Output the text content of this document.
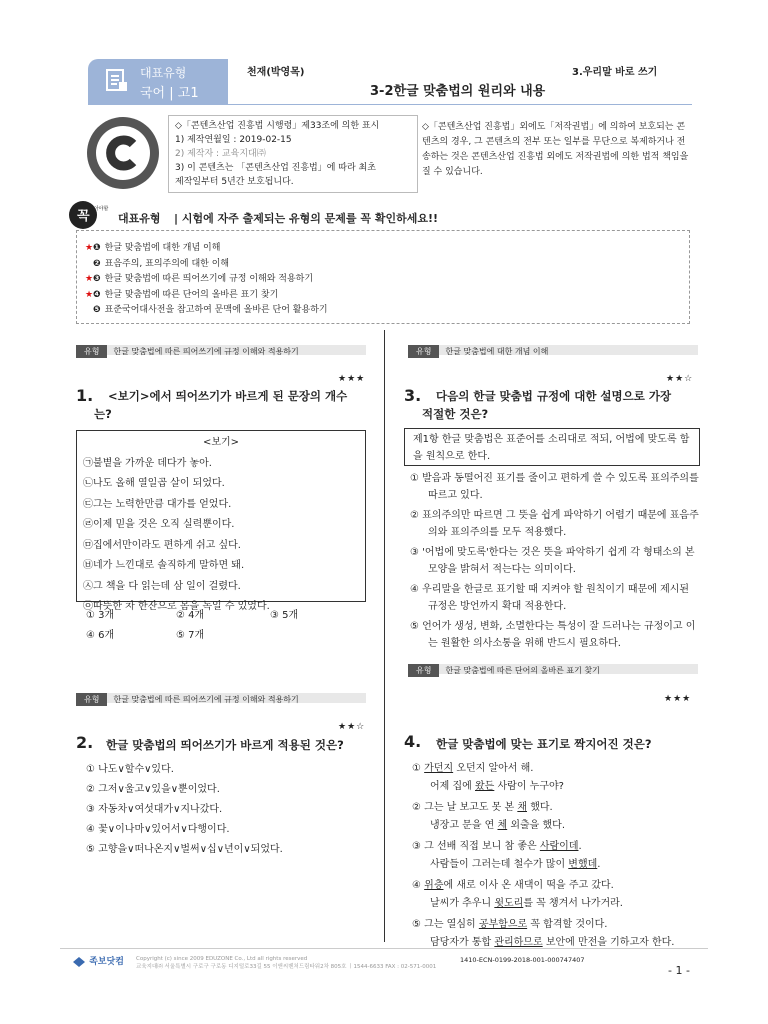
대표유형
국어 | 고1
천재(박영목)	3.우리말 바로 쓰기
3-2한글 맞춤법의 원리와 내용
◇「콘텐츠산업 진흥법 시행령」제33조에 의한 표시
1) 제작연월일 : 2019-02-15
2) 제작자 : 교육지대㈜
3) 이 콘텐츠는 「콘텐츠산업 진흥법」에 따라 최초
제작일부터 5년간 보호됩니다.
◇「콘텐츠산업 진흥법」외에도「저작권법」에 의하여 보호되는 콘텐츠의 경우, 그 콘텐츠의 전부 또는 일부를 무단으로 복제하거나 전송하는 것은 콘텐츠산업 진흥법 외에도 저작권법에 의한 법적 책임을 질 수 있습니다.
꼭 알아야할
대표유형 | 시험에 자주 출제되는 유형의 문제를 꼭 확인하세요!!
★❶ 한글 맞춤법에 대한 개념 이해
❷ 표음주의, 표의주의에 대한 이해
★❸ 한글 맞춤법에 따른 띄어쓰기에 규정 이해와 적용하기
★❹ 한글 맞춤법에 따른 단어의 올바른 표기 찾기
❺ 표준국어대사전을 참고하여 문맥에 올바른 단어 활용하기
유형 한글 맞춤법에 따른 띄어쓰기에 규정 이해와 적용하기
★★★
1. <보기>에서 띄어쓰기가 바르게 된 문장의 개수
는?
<보기>
㉠불볕을 가까운 데다가 놓아.
㉡나도 올해 열일곱 살이 되었다.
㉢그는 노력한만큼 대가를 얻었다.
㉣이제 믿을 것은 오직 실력뿐이다.
㉤집에서만이라도 편하게 쉬고 싶다.
㉥네가 느낀대로 솔직하게 말하면 돼.
㉦그 책을 다 읽는데 삼 일이 걸렸다.
㉧따뜻한 차 한잔으로 몸을 녹일 수 있었다.
① 3개	② 4개	③ 5개
④ 6개	⑤ 7개
유형 한글 맞춤법에 따른 띄어쓰기에 규정 이해와 적용하기
★★☆
2. 한글 맞춤법의 띄어쓰기가 바르게 적용된 것은?
① 나도∨할수∨있다.
② 그저∨울고∨있을∨뿐이었다.
③ 자동차∨여섯대가∨지나갔다.
④ 꽃∨이나마∨있어서∨다행이다.
⑤ 고향을∨떠나온지∨벌써∨십∨년이∨되었다.
유형 한글 맞춤법에 대한 개념 이해
★★☆
3. 다음의 한글 맞춤법 규정에 대한 설명으로 가장
적절한 것은?
제1항 한글 맞춤법은 표준어를 소리대로 적되, 어법에 맞도록 함을 원칙으로 한다.
① 발음과 동떨어진 표기를 줄이고 편하게 쓸 수 있도록 표의주의를 따르고 있다.
② 표의주의만 따르면 그 뜻을 쉽게 파악하기 어렵기 때문에 표음주의와 표의주의를 모두 적용했다.
③ '어법에 맞도록'한다는 것은 뜻을 파악하기 쉽게 각 형태소의 본 모양을 밝혀서 적는다는 의미이다.
④ 우리말을 한글로 표기할 때 지켜야 할 원칙이기 때문에 제시된 규정은 방언까지 확대 적용한다.
⑤ 언어가 생성, 변화, 소멸한다는 특성이 잘 드러나는 규정이고 이는 원활한 의사소통을 위해 반드시 필요하다.
유형 한글 맞춤법에 따른 단어의 올바른 표기 찾기
★★★
4. 한글 맞춤법에 맞는 표기로 짝지어진 것은?
① 가던지 오던지 알아서 해.
어제 집에 왔든 사람이 누구야?
② 그는 날 보고도 못 본 채 했다.
냉장고 문을 연 체 외출을 했다.
③ 그 선배 직접 보니 참 좋은 사람이데.
사람들이 그러는데 철수가 많이 변했데.
④ 위층에 새로 이사 온 새댁이 떡을 주고 갔다.
날씨가 추우니 윗도리를 꼭 챙겨서 나가거라.
⑤ 그는 열심히 공부함으로 꼭 합격할 것이다.
담당자가 통합 관리하므로 보안에 만전을 기하고자 한다.
족보닷컴 Copyright (c) since 2009 EDUZONE Co., Ltd all rights reserved
교육지대㈜ 서울특별시 구로구 구로동 디지털로33길 55 이앤씨벤처드림타워2차 805호 ㅣ1544-6633 FAX : 02-571-0001
1410-ECN-0199-2018-001-000747407
- 1 -
